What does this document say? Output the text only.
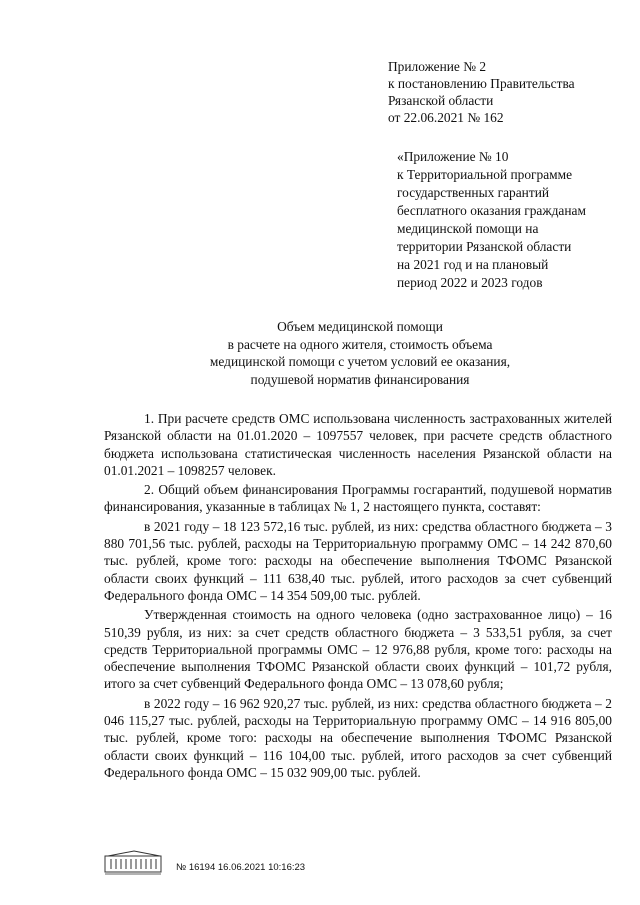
Приложение № 2
к постановлению Правительства
Рязанской области
от 22.06.2021 № 162
«Приложение № 10
к Территориальной программе
государственных гарантий
бесплатного оказания гражданам
медицинской помощи на
территории Рязанской области
на 2021 год и на плановый
период 2022 и 2023 годов
Объем медицинской помощи
в расчете на одного жителя, стоимость объема
медицинской помощи с учетом условий ее оказания,
подушевой норматив финансирования

1. При расчете средств ОМС использована численность застрахованных жителей Рязанской области на 01.01.2020 – 1097557 человек, при расчете средств областного бюджета использована статистическая численность населения Рязанской области на 01.01.2021 – 1098257 человек.

2. Общий объем финансирования Программы госгарантий, подушевой норматив финансирования, указанные в таблицах № 1, 2 настоящего пункта, составят:

в 2021 году – 18 123 572,16 тыс. рублей, из них: средства областного бюджета – 3 880 701,56 тыс. рублей, расходы на Территориальную программу ОМС – 14 242 870,60 тыс. рублей, кроме того: расходы на обеспечение выполнения ТФОМС Рязанской области своих функций – 111 638,40 тыс. рублей, итого расходов за счет субвенций Федерального фонда ОМС – 14 354 509,00 тыс. рублей.

Утвержденная стоимость на одного человека (одно застрахованное лицо) – 16 510,39 рубля, из них: за счет средств областного бюджета – 3 533,51 рубля, за счет средств Территориальной программы ОМС – 12 976,88 рубля, кроме того: расходы на обеспечение выполнения ТФОМС Рязанской области своих функций – 101,72 рубля, итого за счет субвенций Федерального фонда ОМС – 13 078,60 рубля;

в 2022 году – 16 962 920,27 тыс. рублей, из них: средства областного бюджета – 2 046 115,27 тыс. рублей, расходы на Территориальную программу ОМС – 14 916 805,00 тыс. рублей, кроме того: расходы на обеспечение выполнения ТФОМС Рязанской области своих функций – 116 104,00 тыс. рублей, итого расходов за счет субвенций Федерального фонда ОМС – 15 032 909,00 тыс. рублей.

№ 16194 16.06.2021 10:16:23
